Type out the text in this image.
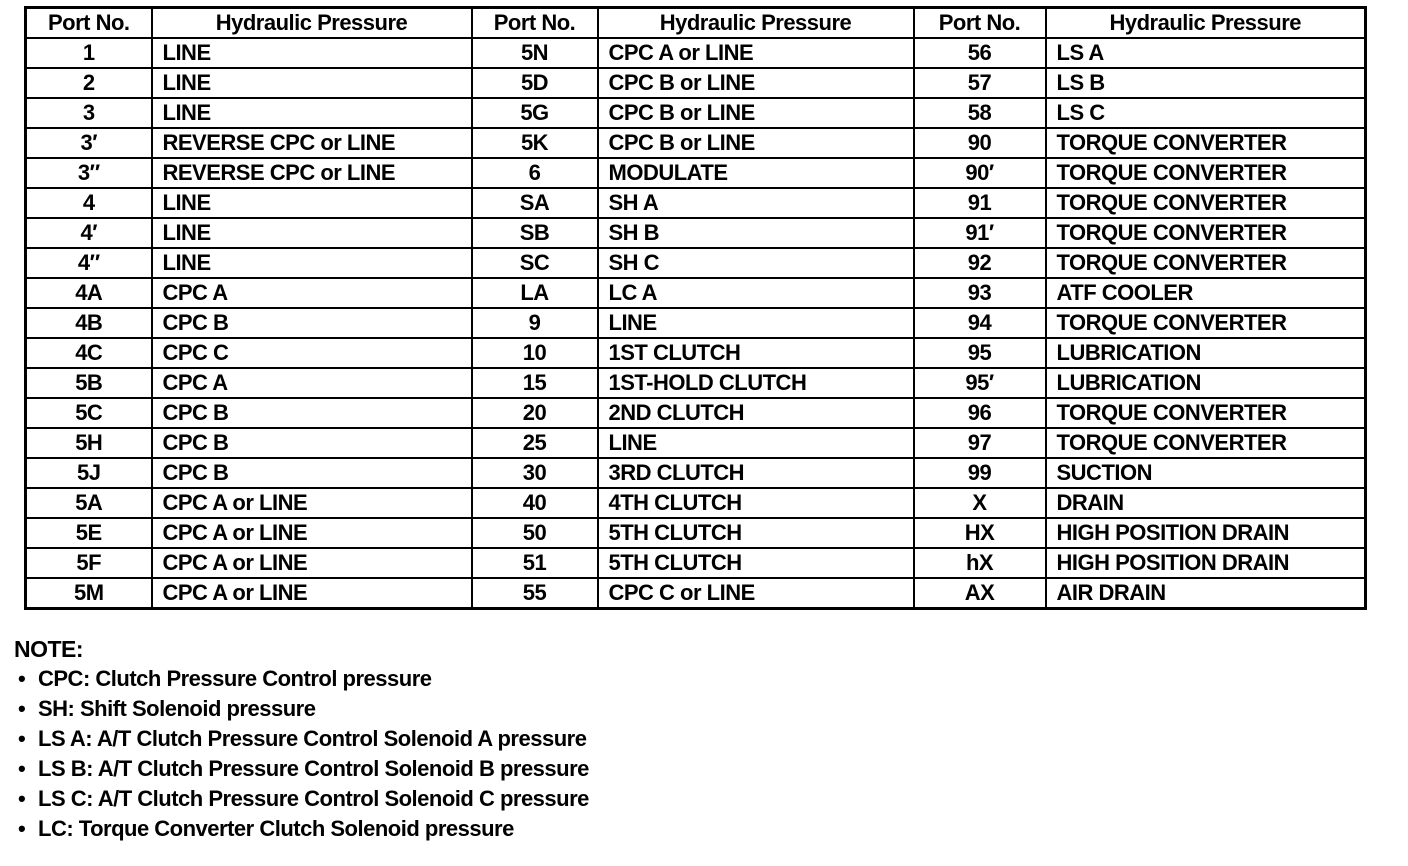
Port No.	Hydraulic Pressure	Port No.	Hydraulic Pressure	Port No.	Hydraulic Pressure
1	LINE	5N	CPC A or LINE	56	LS A
2	LINE	5D	CPC B or LINE	57	LS B
3	LINE	5G	CPC B or LINE	58	LS C
3′	REVERSE CPC or LINE	5K	CPC B or LINE	90	TORQUE CONVERTER
3″	REVERSE CPC or LINE	6	MODULATE	90′	TORQUE CONVERTER
4	LINE	SA	SH A	91	TORQUE CONVERTER
4′	LINE	SB	SH B	91′	TORQUE CONVERTER
4″	LINE	SC	SH C	92	TORQUE CONVERTER
4A	CPC A	LA	LC A	93	ATF COOLER
4B	CPC B	9	LINE	94	TORQUE CONVERTER
4C	CPC C	10	1ST CLUTCH	95	LUBRICATION
5B	CPC A	15	1ST-HOLD CLUTCH	95′	LUBRICATION
5C	CPC B	20	2ND CLUTCH	96	TORQUE CONVERTER
5H	CPC B	25	LINE	97	TORQUE CONVERTER
5J	CPC B	30	3RD CLUTCH	99	SUCTION
5A	CPC A or LINE	40	4TH CLUTCH	X	DRAIN
5E	CPC A or LINE	50	5TH CLUTCH	HX	HIGH POSITION DRAIN
5F	CPC A or LINE	51	5TH CLUTCH	hX	HIGH POSITION DRAIN
5M	CPC A or LINE	55	CPC C or LINE	AX	AIR DRAIN
NOTE:
• CPC: Clutch Pressure Control pressure
• SH: Shift Solenoid pressure
• LS A: A/T Clutch Pressure Control Solenoid A pressure
• LS B: A/T Clutch Pressure Control Solenoid B pressure
• LS C: A/T Clutch Pressure Control Solenoid C pressure
• LC: Torque Converter Clutch Solenoid pressure
